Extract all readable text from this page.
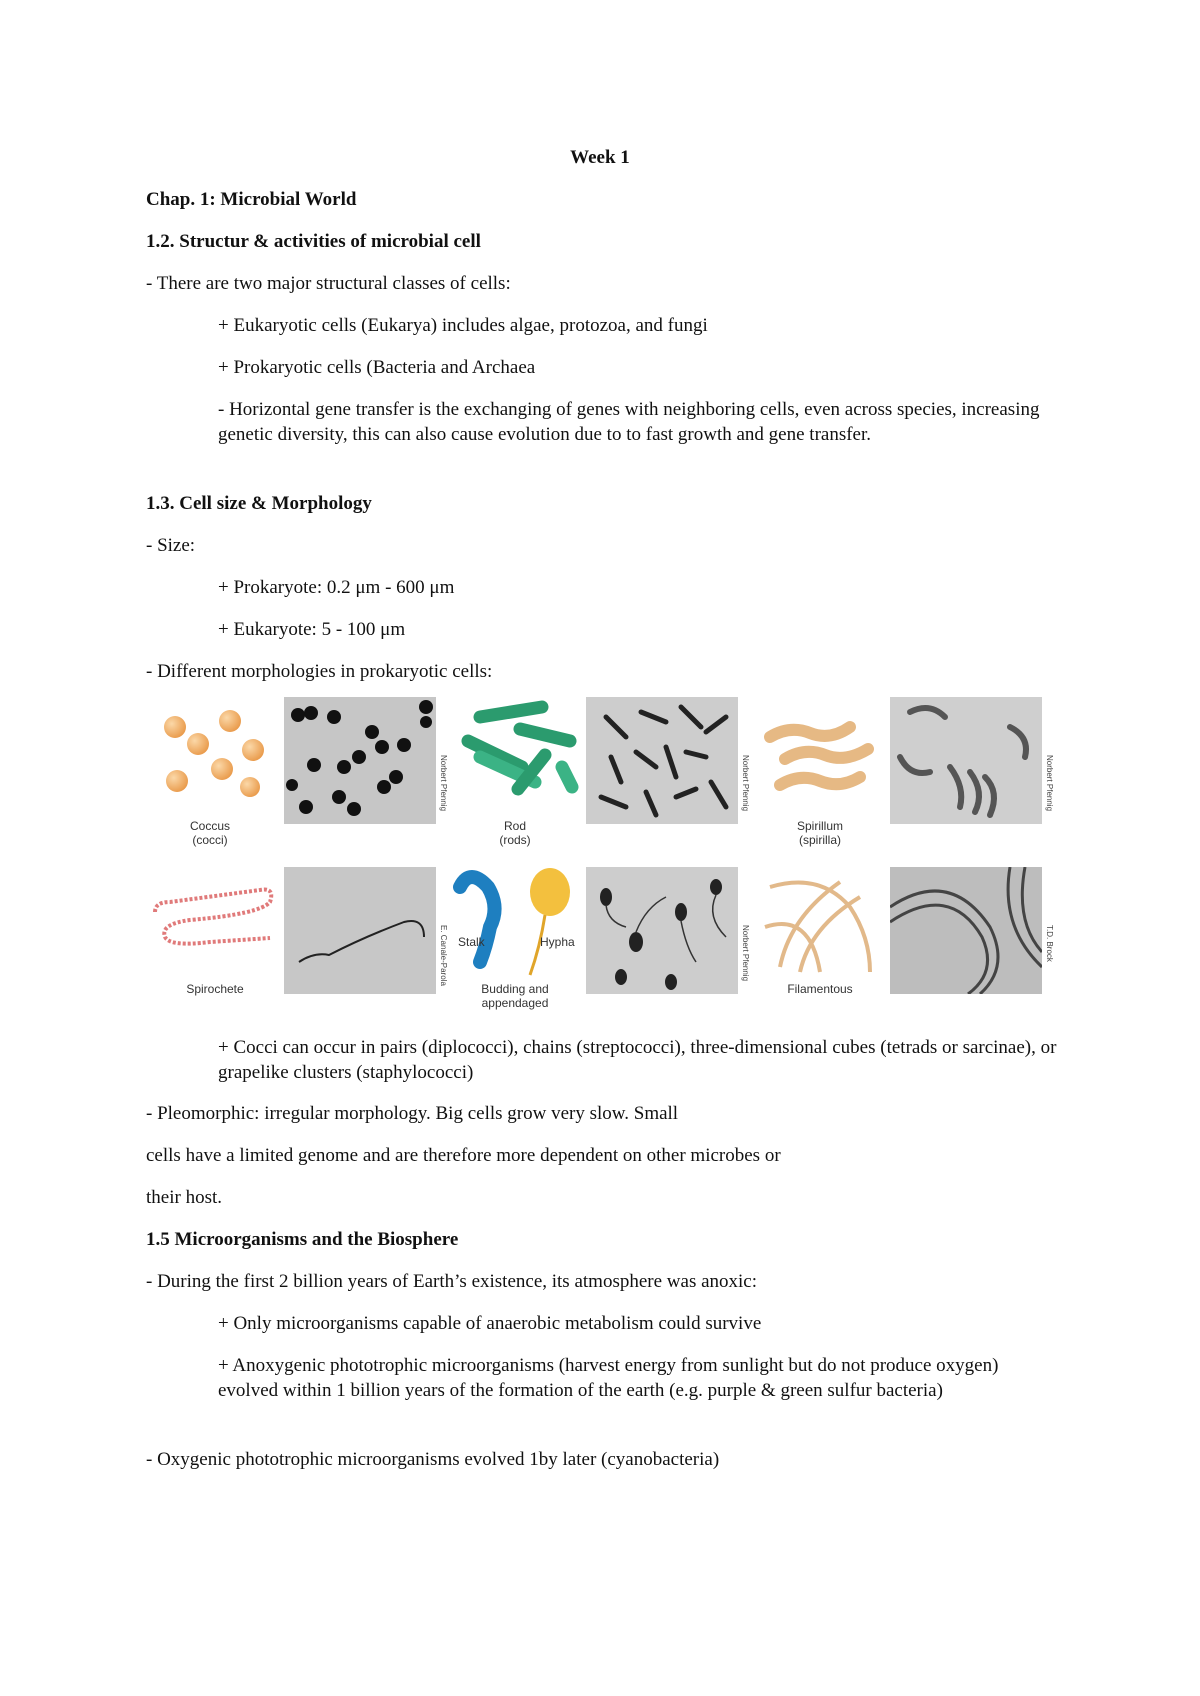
Week 1
Chap. 1: Microbial World
1.2. Structur & activities of microbial cell
- There are two major structural classes of cells:
+ Eukaryotic cells (Eukarya) includes algae, protozoa, and fungi
+ Prokaryotic cells (Bacteria and Archaea
- Horizontal gene transfer is the exchanging of genes with neighboring cells, even across species, increasing genetic diversity, this can also cause evolution due to to fast growth and gene transfer.
1.3. Cell size & Morphology
- Size:
+ Prokaryote: 0.2 μm - 600 μm
+ Eukaryote: 5 - 100 μm
- Different morphologies in prokaryotic cells:
Coccus
(cocci)
Norbert Pfennig
Rod
(rods)
Norbert Pfennig
Spirillum
(spirilla)
Norbert Pfennig
Spirochete
E. Canale-Parola Stalk	Hypha
Budding and
appendaged
Norbert Pfennig
Filamentous
T.D. Brock
+ Cocci can occur in pairs (diplococci), chains (streptococci), three-dimensional cubes (tetrads or sarcinae), or grapelike clusters (staphylococci)
- Pleomorphic: irregular morphology. Big cells grow very slow. Small
cells have a limited genome and are therefore more dependent on other microbes or
their host.
1.5 Microorganisms and the Biosphere
- During the first 2 billion years of Earth’s existence, its atmosphere was anoxic:
+ Only microorganisms capable of anaerobic metabolism could survive
+ Anoxygenic phototrophic microorganisms (harvest energy from sunlight but do not produce oxygen) evolved within 1 billion years of the formation of the earth (e.g. purple & green sulfur bacteria)
- Oxygenic phototrophic microorganisms evolved 1by later (cyanobacteria)
